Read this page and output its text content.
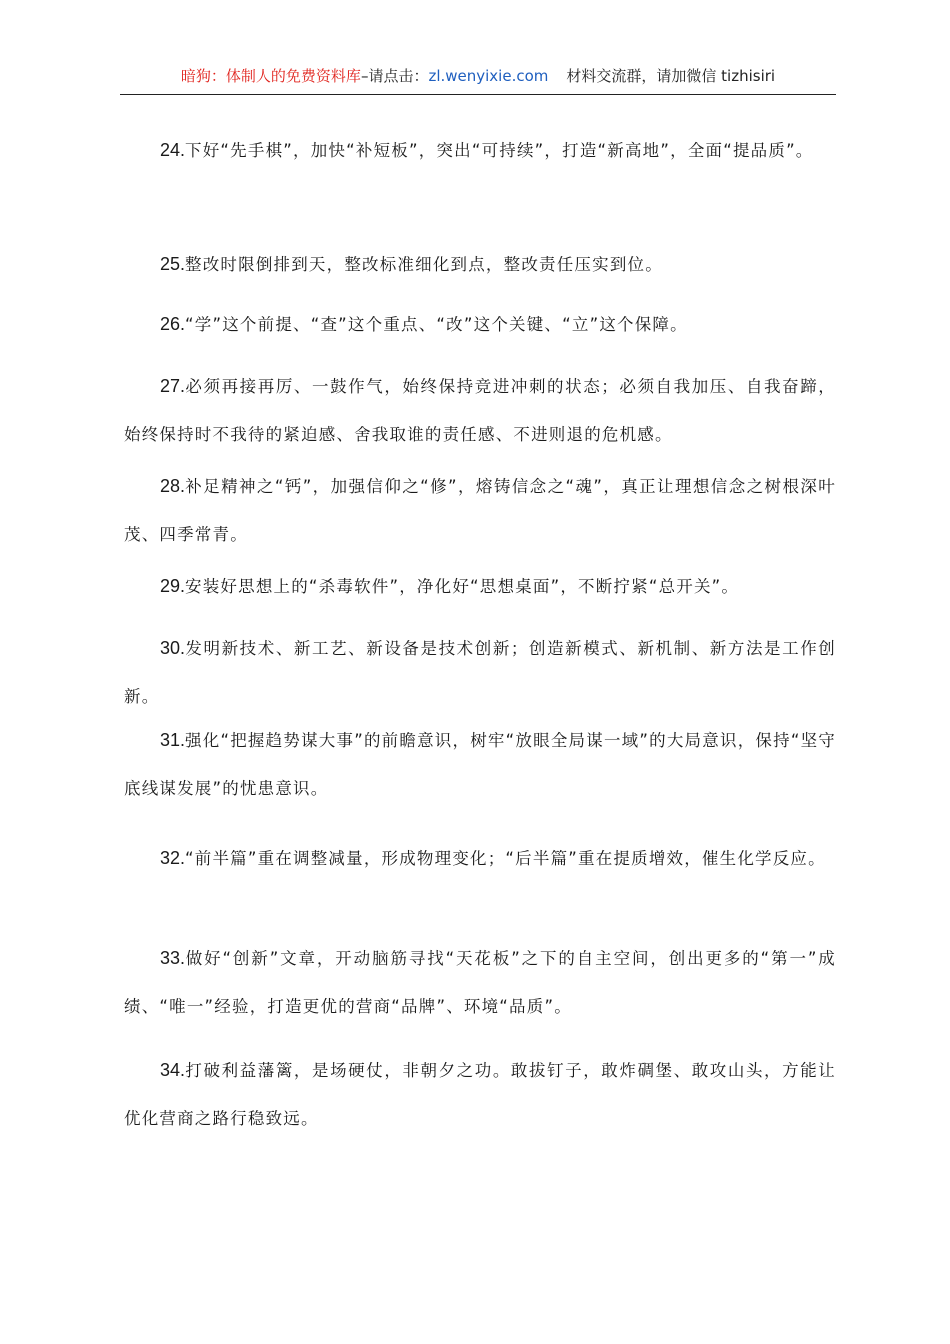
暗狗：体制人的免费资料库 –请点击： zl.wenyixie.com 材料交流群，请加微信 tizhisiri

24.下好“先手棋”，加快“补短板”，突出“可持续”，打造“新高地”，全面“提品质”。

25.整改时限倒排到天，整改标准细化到点，整改责任压实到位。

26.“学”这个前提、“查”这个重点、“改”这个关键、“立”这个保障。

27.必须再接再厉、一鼓作气，始终保持竞进冲刺的状态；必须自我加压、自我奋蹄，始终保持时不我待的紧迫感、舍我取谁的责任感、不进则退的危机感。

28.补足精神之“钙”，加强信仰之“修”，熔铸信念之“魂”，真正让理想信念之树根深叶茂、四季常青。

29.安装好思想上的“杀毒软件”，净化好“思想桌面”，不断拧紧“总开关”。

30.发明新技术、新工艺、新设备是技术创新；创造新模式、新机制、新方法是工作创新。

31.强化“把握趋势谋大事”的前瞻意识，树牢“放眼全局谋一域”的大局意识，保持“坚守底线谋发展”的忧患意识。

32.“前半篇”重在调整减量，形成物理变化；“后半篇”重在提质增效，催生化学反应。

33.做好“创新”文章，开动脑筋寻找“天花板”之下的自主空间，创出更多的“第一”成绩、“唯一”经验，打造更优的营商“品牌”、环境“品质”。

34.打破利益藩篱，是场硬仗，非朝夕之功。敢拔钉子，敢炸碉堡、敢攻山头，方能让优化营商之路行稳致远。
